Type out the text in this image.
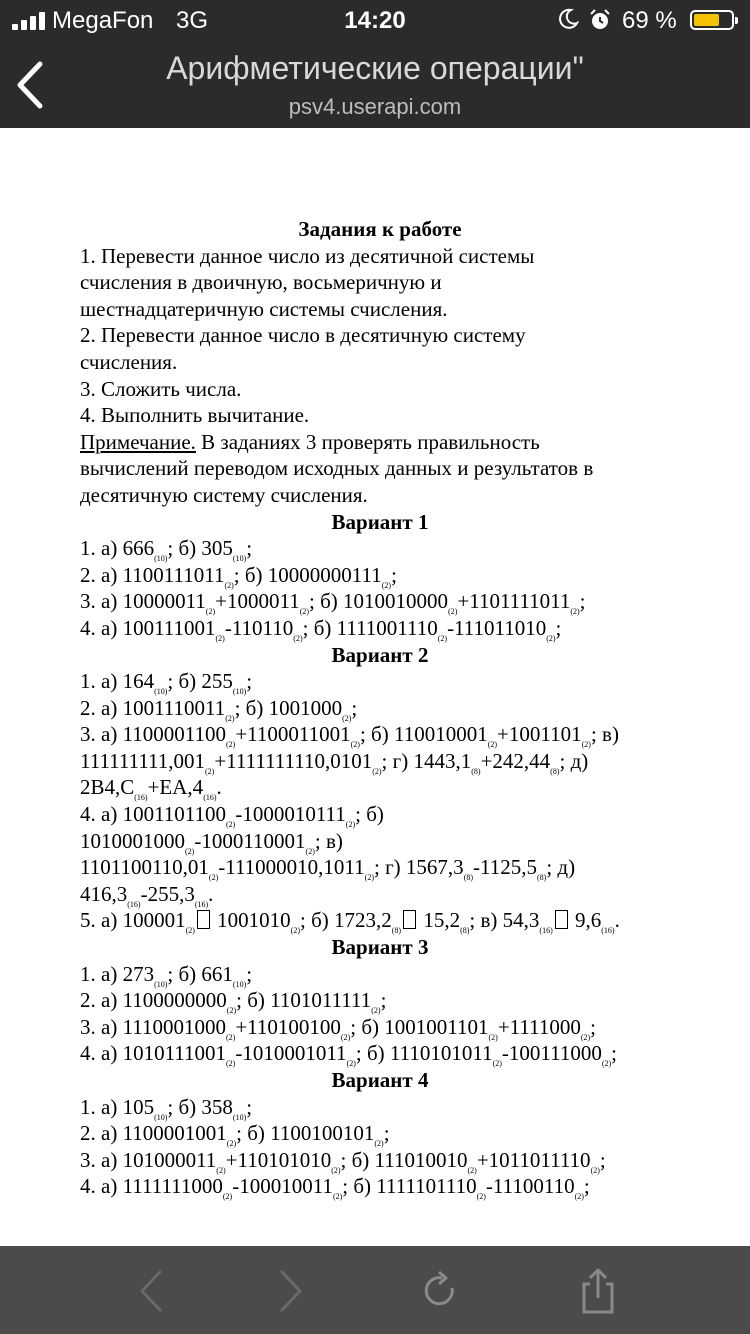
MegaFon 3G	14:20	69 %
Арифметические операции"
psv4.userapi.com
Задания к работе
1. Перевести данное число из десятичной системы
счисления в двоичную, восьмеричную и
шестнадцатеричную системы счисления.
2. Перевести данное число в десятичную систему
счисления.
3. Сложить числа.
4. Выполнить вычитание.
Примечание. В заданиях 3 проверять правильность
вычислений переводом исходных данных и результатов в
десятичную систему счисления.
Вариант 1
1. а) $666_{(10)}$; б) $305_{(10)}$;
2. а) $1100111011_{(2)}$; б) $10000000111_{(2)}$;
3. а) $10000011_{(2)}+1000011_{(2)}$; б) $1010010000_{(2)}+1101111011_{(2)}$;
4. а) $100111001_{(2)}-110110_{(2)}$; б) $1111001110_{(2)}-111011010_{(2)}$;
Вариант 2
1. а) $164_{(10)}$; б) $255_{(10)}$;
2. а) $1001110011_{(2)}$; б) $1001000_{(2)}$;
3. а) $1100001100_{(2)}+1100011001_{(2)}$; б) $110010001_{(2)}+1001101_{(2)}$; в)
$111111111,001_{(2)}+1111111110,0101_{(2)}$; г) $1443,1_{(8)}+242,44_{(8)}$; д)
$2B4,C_{(16)}+EA,4_{(16)}$.
4. а) $1001101100_{(2)}-1000010111_{(2)}$; б)
$1010001000_{(2)}-1000110001_{(2)}$; в)
$1101100110,01_{(2)}-111000010,1011_{(2)}$; г) $1567,3_{(8)}-1125,5_{(8)}$; д)
$416,3_{(16)}-255,3_{(16)}$.
5. а) $100001_{(2)}$ $1001010_{(2)}$; б) $1723,2_{(8)}$ $15,2_{(8)}$; в) $54,3_{(16)}$ $9,6_{(16)}$.
Вариант 3
1. а) $273_{(10)}$; б) $661_{(10)}$;
2. а) $1100000000_{(2)}$; б) $1101011111_{(2)}$;
3. а) $1110001000_{(2)}+110100100_{(2)}$; б) $1001001101_{(2)}+1111000_{(2)}$;
4. а) $1010111001_{(2)}-1010001011_{(2)}$; б) $1110101011_{(2)}-100111000_{(2)}$;
Вариант 4
1. а) $105_{(10)}$; б) $358_{(10)}$;
2. а) $1100001001_{(2)}$; б) $1100100101_{(2)}$;
3. а) $101000011_{(2)}+110101010_{(2)}$; б) $111010010_{(2)}+1011011110_{(2)}$;
4. а) $1111111000_{(2)}-100010011_{(2)}$; б) $1111101110_{(2)}-11100110_{(2)}$;
